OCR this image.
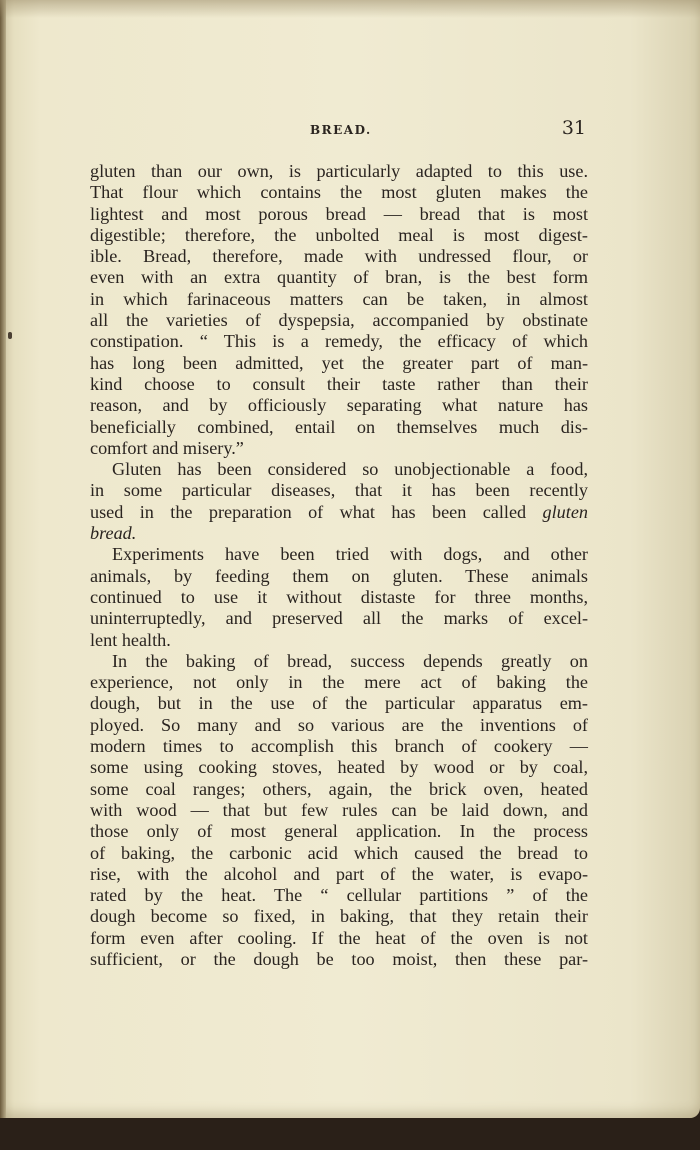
BREAD.	31
gluten than our own, is particularly adapted to this use.
That flour which contains the most gluten makes the
lightest and most porous bread — bread that is most
digestible; therefore, the unbolted meal is most digest-
ible. Bread, therefore, made with undressed flour, or
even with an extra quantity of bran, is the best form
in which farinaceous matters can be taken, in almost
all the varieties of dyspepsia, accompanied by obstinate
constipation. “ This is a remedy, the efficacy of which
has long been admitted, yet the greater part of man-
kind choose to consult their taste rather than their
reason, and by officiously separating what nature has
beneficially combined, entail on themselves much dis-
comfort and misery.”
Gluten has been considered so unobjectionable a food,
in some particular diseases, that it has been recently
used in the preparation of what has been called gluten
bread.
Experiments have been tried with dogs, and other
animals, by feeding them on gluten. These animals
continued to use it without distaste for three months,
uninterruptedly, and preserved all the marks of excel-
lent health.
In the baking of bread, success depends greatly on
experience, not only in the mere act of baking the
dough, but in the use of the particular apparatus em-
ployed. So many and so various are the inventions of
modern times to accomplish this branch of cookery —
some using cooking stoves, heated by wood or by coal,
some coal ranges; others, again, the brick oven, heated
with wood — that but few rules can be laid down, and
those only of most general application. In the process
of baking, the carbonic acid which caused the bread to
rise, with the alcohol and part of the water, is evapo-
rated by the heat. The “ cellular partitions ” of the
dough become so fixed, in baking, that they retain their
form even after cooling. If the heat of the oven is not
sufficient, or the dough be too moist, then these par-
